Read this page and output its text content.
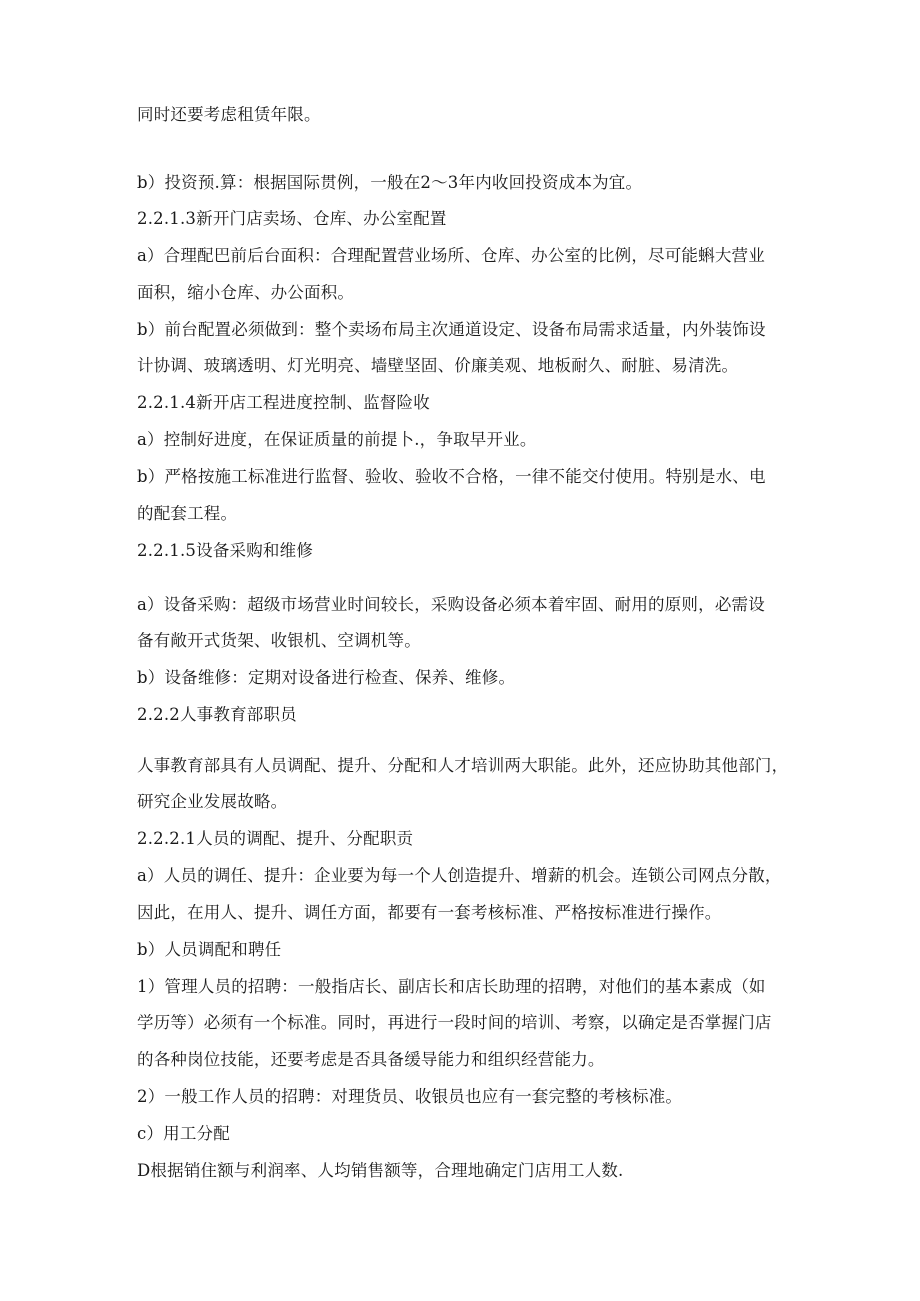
同时还要考虑租赁年限。
b）投资预.算：根据国际贯例，一般在2～3年内收回投资成本为宜。
2.2.1.3新开门店卖场、仓库、办公室配置
a）合理配巴前后台面积：合理配置营业场所、仓库、办公室的比例，尽可能蝌大营业
面积，缩小仓库、办公面积。
b）前台配置必须做到：整个卖场布局主次通道设定、设备布局需求适量，内外装饰设
计协调、玻璃透明、灯光明亮、墙壁坚固、价廉美观、地板耐久、耐脏、易清洗。
2.2.1.4新开店工程进度控制、监督险收
a）控制好进度，在保证质量的前提卜.，争取早开业。
b）严格按施工标准进行监督、验收、验收不合格，一律不能交付使用。特别是水、电
的配套工程。
2.2.1.5设备采购和维修
a）设备采购：超级市场营业时间较长，采购设备必须本着牢固、耐用的原则，必需设
备有敞开式货架、收银机、空调机等。
b）设备维修：定期对设备进行检查、保养、维修。
2.2.2人事教育部职员
人事教育部具有人员调配、提升、分配和人才培训两大职能。此外，还应协助其他部门，
研究企业发展故略。
2.2.2.1人员的调配、提升、分配职贡
a）人员的调任、提升：企业要为每一个人创造提升、增薪的机会。连锁公司网点分散，
因此，在用人、提升、调任方面，都要有一套考核标准、严格按标准进行操作。
b）人员调配和聘任
1）管理人员的招聘：一般指店长、副店长和店长助理的招聘，对他们的基本素成（如
学历等）必须有一个标准。同时，再进行一段时间的培训、考察，以确定是否掌握门店
的各种岗位技能，还要考虑是否具备缓导能力和组织经营能力。
2）一般工作人员的招聘：对理货员、收银员也应有一套完整的考核标准。
c）用工分配
D根据销住额与利润率、人均销售额等，合理地确定门店用工人数.
